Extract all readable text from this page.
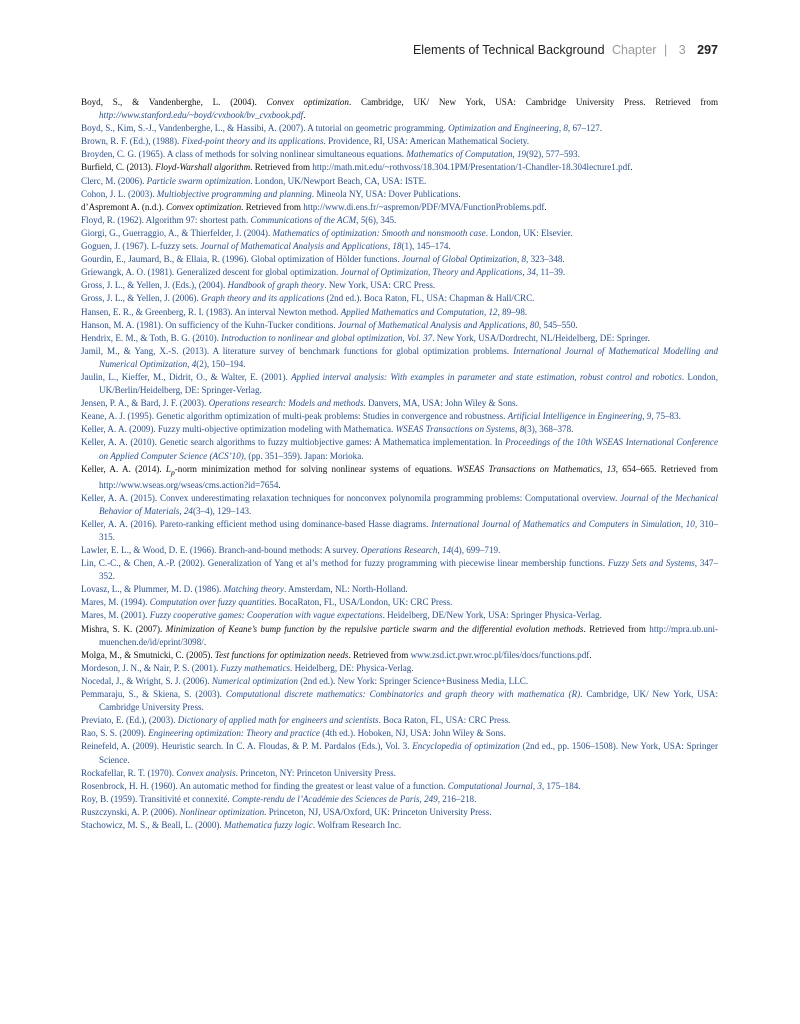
Elements of Technical Background Chapter | 3 297

Boyd, S., & Vandenberghe, L. (2004). Convex optimization. Cambridge, UK/ New York, USA: Cambridge University Press. Retrieved from http://www.stanford.edu/~boyd/cvxbook/bv_cvxbook.pdf.

Boyd, S., Kim, S.-J., Vandenberghe, L., & Hassibi, A. (2007). A tutorial on geometric programming. Optimization and Engineering, 8, 67–127.

Brown, R. F. (Ed.), (1988). Fixed-point theory and its applications. Providence, RI, USA: American Mathematical Society.

Broyden, C. G. (1965). A class of methods for solving nonlinear simultaneous equations. Mathematics of Computation, 19(92), 577–593.

Burfield, C. (2013). Floyd-Warshall algorithm. Retrieved from http://math.mit.edu/~rothvoss/18.304.1PM/Presentation/1-Chandler-18.304lecture1.pdf.

Clerc, M. (2006). Particle swarm optimization. London, UK/Newport Beach, CA, USA: ISTE.

Cohon, J. L. (2003). Multiobjective programming and planning. Mineola NY, USA: Dover Publications.

d’Aspremont A. (n.d.). Convex optimization. Retrieved from http://www.di.ens.fr/~aspremon/PDF/MVA/FunctionProblems.pdf.

Floyd, R. (1962). Algorithm 97: shortest path. Communications of the ACM, 5(6), 345.

Giorgi, G., Guerraggio, A., & Thierfelder, J. (2004). Mathematics of optimization: Smooth and nonsmooth case. London, UK: Elsevier.

Goguen, J. (1967). L-fuzzy sets. Journal of Mathematical Analysis and Applications, 18(1), 145–174.

Gourdin, E., Jaumard, B., & Ellaia, R. (1996). Global optimization of Hölder functions. Journal of Global Optimization, 8, 323–348.

Griewangk, A. O. (1981). Generalized descent for global optimization. Journal of Optimization, Theory and Applications, 34, 11–39.

Gross, J. L., & Yellen, J. (Eds.), (2004). Handbook of graph theory. New York, USA: CRC Press.

Gross, J. L., & Yellen, J. (2006). Graph theory and its applications (2nd ed.). Boca Raton, FL, USA: Chapman & Hall/CRC.

Hansen, E. R., & Greenberg, R. I. (1983). An interval Newton method. Applied Mathematics and Computation, 12, 89–98.

Hanson, M. A. (1981). On sufficiency of the Kuhn-Tucker conditions. Journal of Mathematical Analysis and Applications, 80, 545–550.

Hendrix, E. M., & Toth, B. G. (2010). Introduction to nonlinear and global optimization, Vol. 37. New York, USA/Dordrecht, NL/Heidelberg, DE: Springer.

Jamil, M., & Yang, X.-S. (2013). A literature survey of benchmark functions for global optimization problems. International Journal of Mathematical Modelling and Numerical Optimization, 4(2), 150–194.

Jaulin, L., Kieffer, M., Didrit, O., & Walter, E. (2001). Applied interval analysis: With examples in parameter and state estimation, robust control and robotics. London, UK/Berlin/Heidelberg, DE: Springer-Verlag.

Jensen, P. A., & Bard, J. F. (2003). Operations research: Models and methods. Danvers, MA, USA: John Wiley & Sons.

Keane, A. J. (1995). Genetic algorithm optimization of multi-peak problems: Studies in convergence and robustness. Artificial Intelligence in Engineering, 9, 75–83.

Keller, A. A. (2009). Fuzzy multi-objective optimization modeling with Mathematica. WSEAS Transactions on Systems, 8(3), 368–378.

Keller, A. A. (2010). Genetic search algorithms to fuzzy multiobjective games: A Mathematica implementation. In Proceedings of the 10th WSEAS International Conference on Applied Computer Science (ACS’10), (pp. 351–359). Japan: Morioka.

Keller, A. A. (2014). $L_p$-norm minimization method for solving nonlinear systems of equations. WSEAS Transactions on Mathematics, 13, 654–665. Retrieved from http://www.wseas.org/wseas/cms.action?id=7654.

Keller, A. A. (2015). Convex underestimating relaxation techniques for nonconvex polynomila programming problems: Computational overview. Journal of the Mechanical Behavior of Materials, 24(3–4), 129–143.

Keller, A. A. (2016). Pareto-ranking efficient method using dominance-based Hasse diagrams. International Journal of Mathematics and Computers in Simulation, 10, 310–315.

Lawler, E. L., & Wood, D. E. (1966). Branch-and-bound methods: A survey. Operations Research, 14(4), 699–719.

Lin, C.-C., & Chen, A.-P. (2002). Generalization of Yang et al’s method for fuzzy programming with piecewise linear membership functions. Fuzzy Sets and Systems, 347–352.

Lovasz, L., & Plummer, M. D. (1986). Matching theory. Amsterdam, NL: North-Holland.

Mares, M. (1994). Computation over fuzzy quantities. BocaRaton, FL, USA/London, UK: CRC Press.

Mares, M. (2001). Fuzzy cooperative games: Cooperation with vague expectations. Heidelberg, DE/New York, USA: Springer Physica-Verlag.

Mishra, S. K. (2007). Minimization of Keane’s bump function by the repulsive particle swarm and the differential evolution methods. Retrieved from http://mpra.ub.uni-muenchen.de/id/eprint/3098/.

Molga, M., & Smutnicki, C. (2005). Test functions for optimization needs. Retrieved from www.zsd.ict.pwr.wroc.pl/files/docs/functions.pdf.

Mordeson, J. N., & Nair, P. S. (2001). Fuzzy mathematics. Heidelberg, DE: Physica-Verlag.

Nocedal, J., & Wright, S. J. (2006). Numerical optimization (2nd ed.). New York: Springer Science+Business Media, LLC.

Pemmaraju, S., & Skiena, S. (2003). Computational discrete mathematics: Combinatorics and graph theory with mathematica (R). Cambridge, UK/ New York, USA: Cambridge University Press.

Previato, E. (Ed.), (2003). Dictionary of applied math for engineers and scientists. Boca Raton, FL, USA: CRC Press.

Rao, S. S. (2009). Engineering optimization: Theory and practice (4th ed.). Hoboken, NJ, USA: John Wiley & Sons.

Reinefeld, A. (2009). Heuristic search. In C. A. Floudas, & P. M. Pardalos (Eds.), Vol. 3. Encyclopedia of optimization (2nd ed., pp. 1506–1508). New York, USA: Springer Science.

Rockafellar, R. T. (1970). Convex analysis. Princeton, NY: Princeton University Press.

Rosenbrock, H. H. (1960). An automatic method for finding the greatest or least value of a function. Computational Journal, 3, 175–184.

Roy, B. (1959). Transitivité et connexité. Compte-rendu de l’Académie des Sciences de Paris, 249, 216–218.

Ruszczynski, A. P. (2006). Nonlinear optimization. Princeton, NJ, USA/Oxford, UK: Princeton University Press.

Stachowicz, M. S., & Beall, L. (2000). Mathematica fuzzy logic. Wolfram Research Inc.
